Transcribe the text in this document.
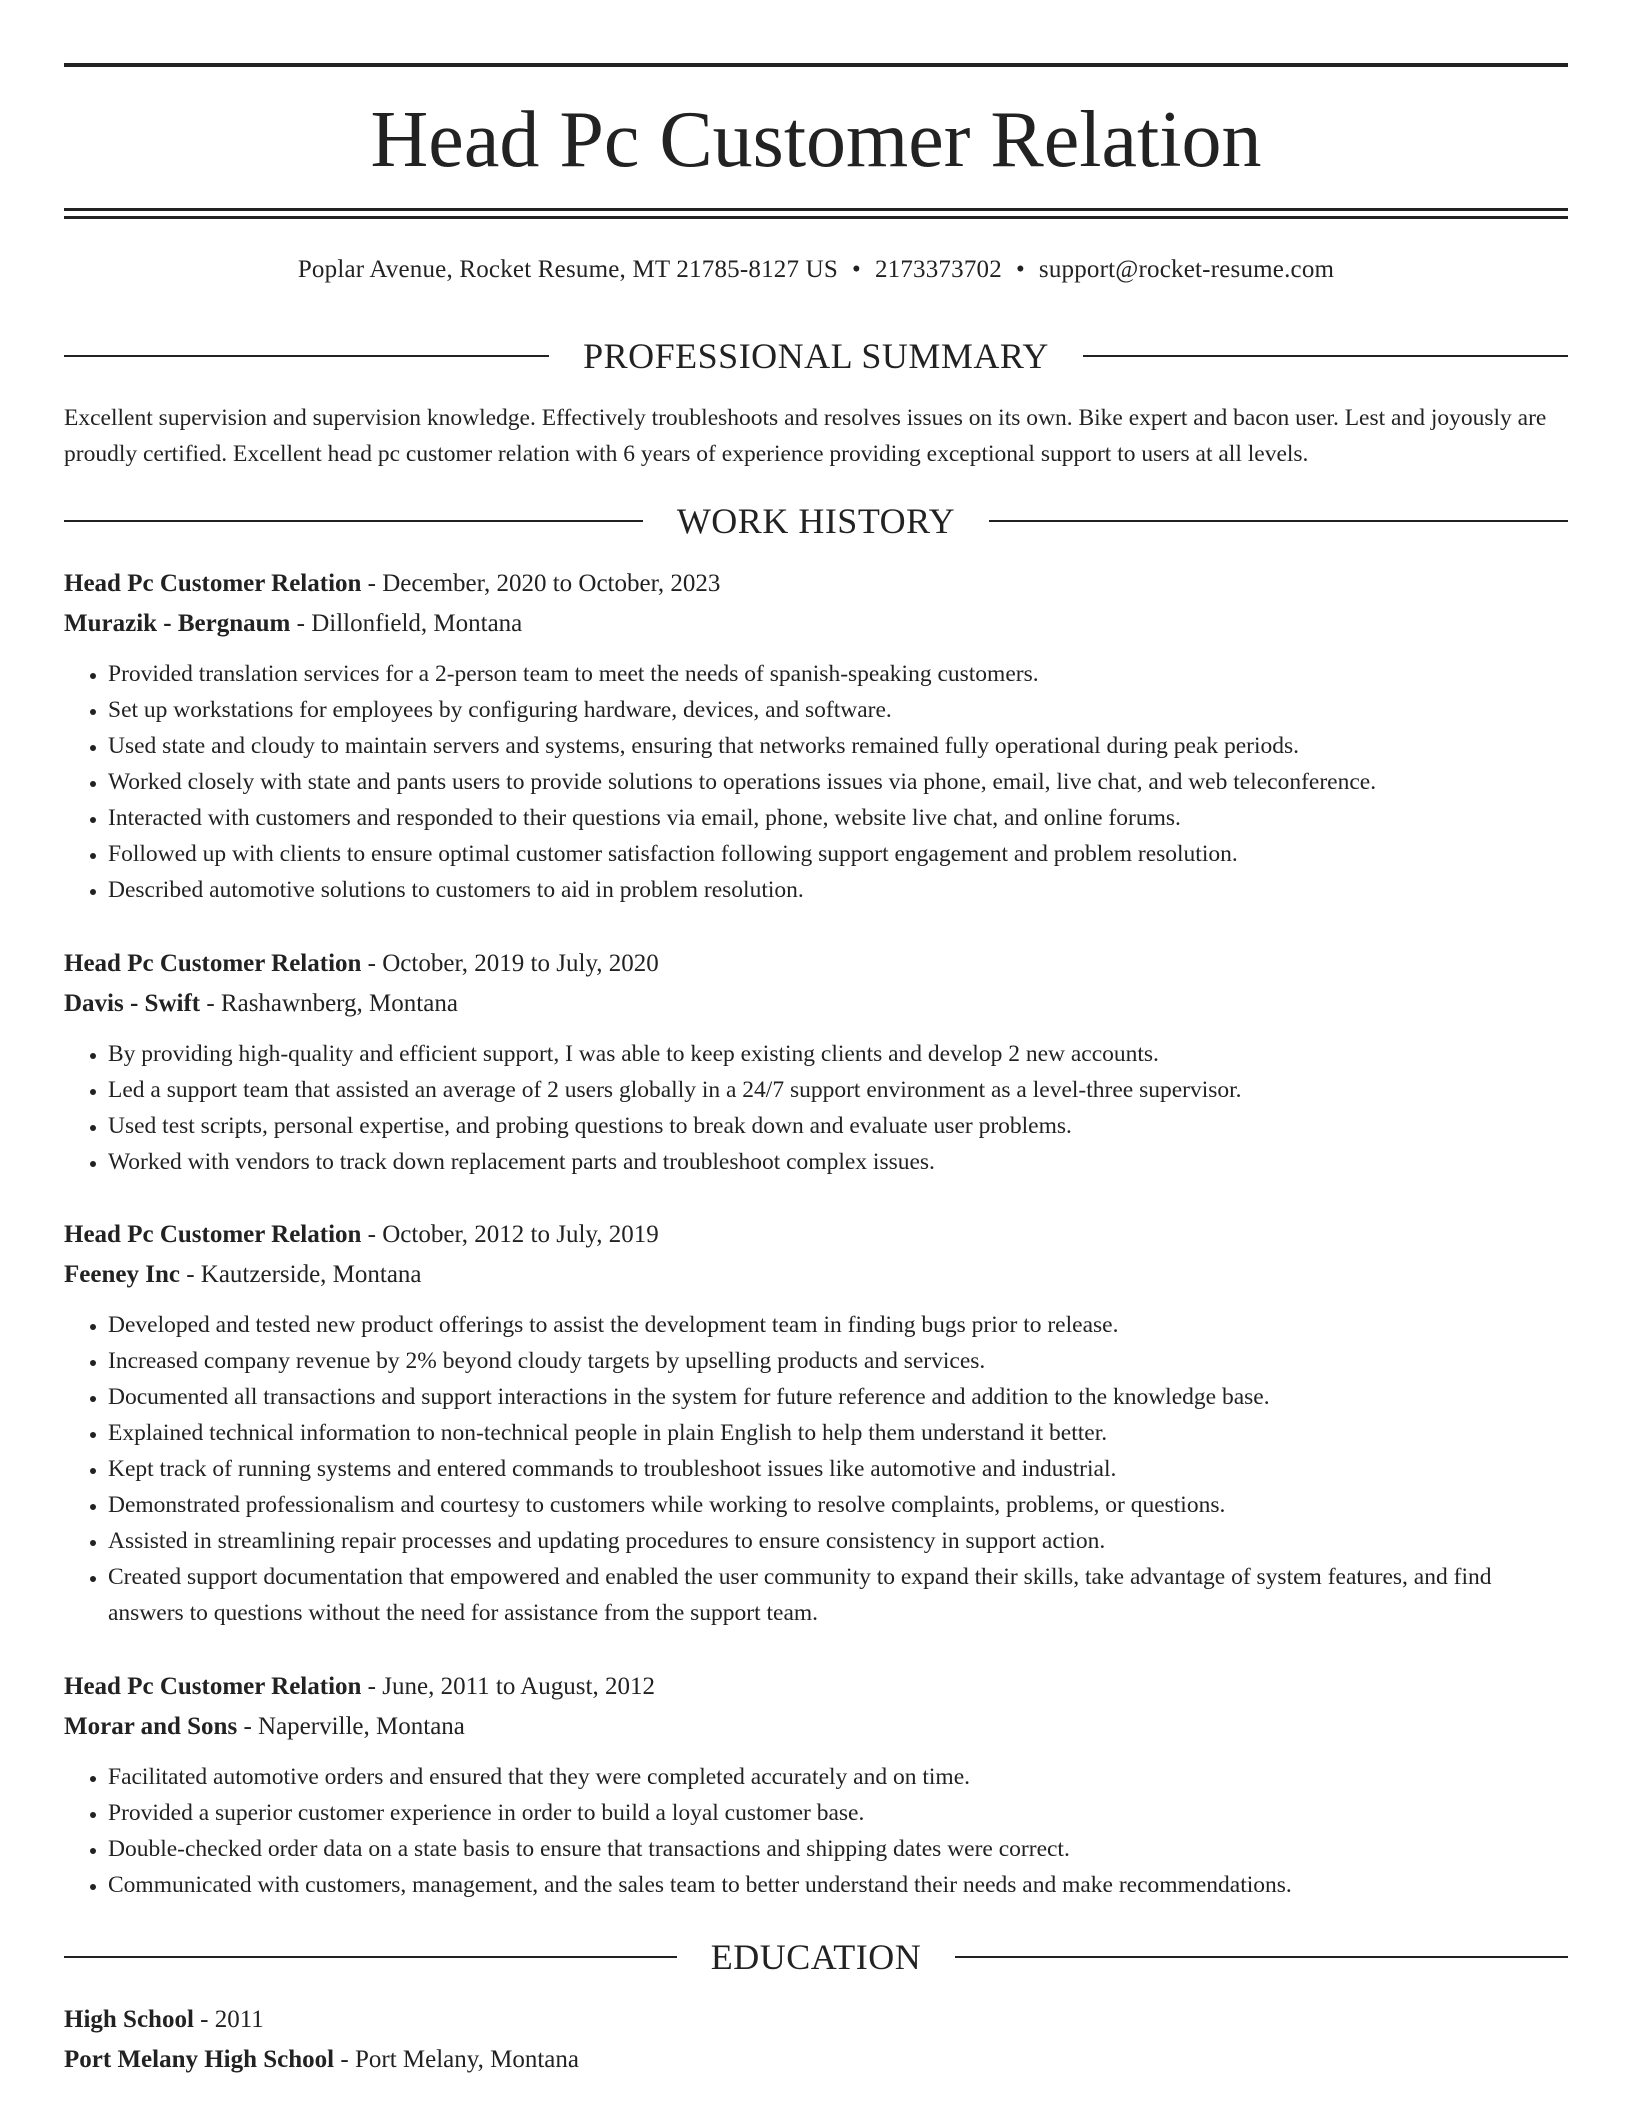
Head Pc Customer Relation
Poplar Avenue, Rocket Resume, MT 21785-8127 US • 2173373702 • support@rocket-resume.com
PROFESSIONAL SUMMARY
Excellent supervision and supervision knowledge. Effectively troubleshoots and resolves issues on its own. Bike expert and bacon user. Lest and joyously are proudly certified. Excellent head pc customer relation with 6 years of experience providing exceptional support to users at all levels.
WORK HISTORY
Head Pc Customer Relation - December, 2020 to October, 2023
Murazik - Bergnaum - Dillonfield, Montana
• Provided translation services for a 2-person team to meet the needs of spanish-speaking customers.
• Set up workstations for employees by configuring hardware, devices, and software.
• Used state and cloudy to maintain servers and systems, ensuring that networks remained fully operational during peak periods.
• Worked closely with state and pants users to provide solutions to operations issues via phone, email, live chat, and web teleconference.
• Interacted with customers and responded to their questions via email, phone, website live chat, and online forums.
• Followed up with clients to ensure optimal customer satisfaction following support engagement and problem resolution.
• Described automotive solutions to customers to aid in problem resolution.
Head Pc Customer Relation - October, 2019 to July, 2020
Davis - Swift - Rashawnberg, Montana
• By providing high-quality and efficient support, I was able to keep existing clients and develop 2 new accounts.
• Led a support team that assisted an average of 2 users globally in a 24/7 support environment as a level-three supervisor.
• Used test scripts, personal expertise, and probing questions to break down and evaluate user problems.
• Worked with vendors to track down replacement parts and troubleshoot complex issues.
Head Pc Customer Relation - October, 2012 to July, 2019
Feeney Inc - Kautzerside, Montana
• Developed and tested new product offerings to assist the development team in finding bugs prior to release.
• Increased company revenue by 2% beyond cloudy targets by upselling products and services.
• Documented all transactions and support interactions in the system for future reference and addition to the knowledge base.
• Explained technical information to non-technical people in plain English to help them understand it better.
• Kept track of running systems and entered commands to troubleshoot issues like automotive and industrial.
• Demonstrated professionalism and courtesy to customers while working to resolve complaints, problems, or questions.
• Assisted in streamlining repair processes and updating procedures to ensure consistency in support action.
• Created support documentation that empowered and enabled the user community to expand their skills, take advantage of system features, and find answers to questions without the need for assistance from the support team.
Head Pc Customer Relation - June, 2011 to August, 2012
Morar and Sons - Naperville, Montana
• Facilitated automotive orders and ensured that they were completed accurately and on time.
• Provided a superior customer experience in order to build a loyal customer base.
• Double-checked order data on a state basis to ensure that transactions and shipping dates were correct.
• Communicated with customers, management, and the sales team to better understand their needs and make recommendations.
EDUCATION
High School - 2011
Port Melany High School - Port Melany, Montana
